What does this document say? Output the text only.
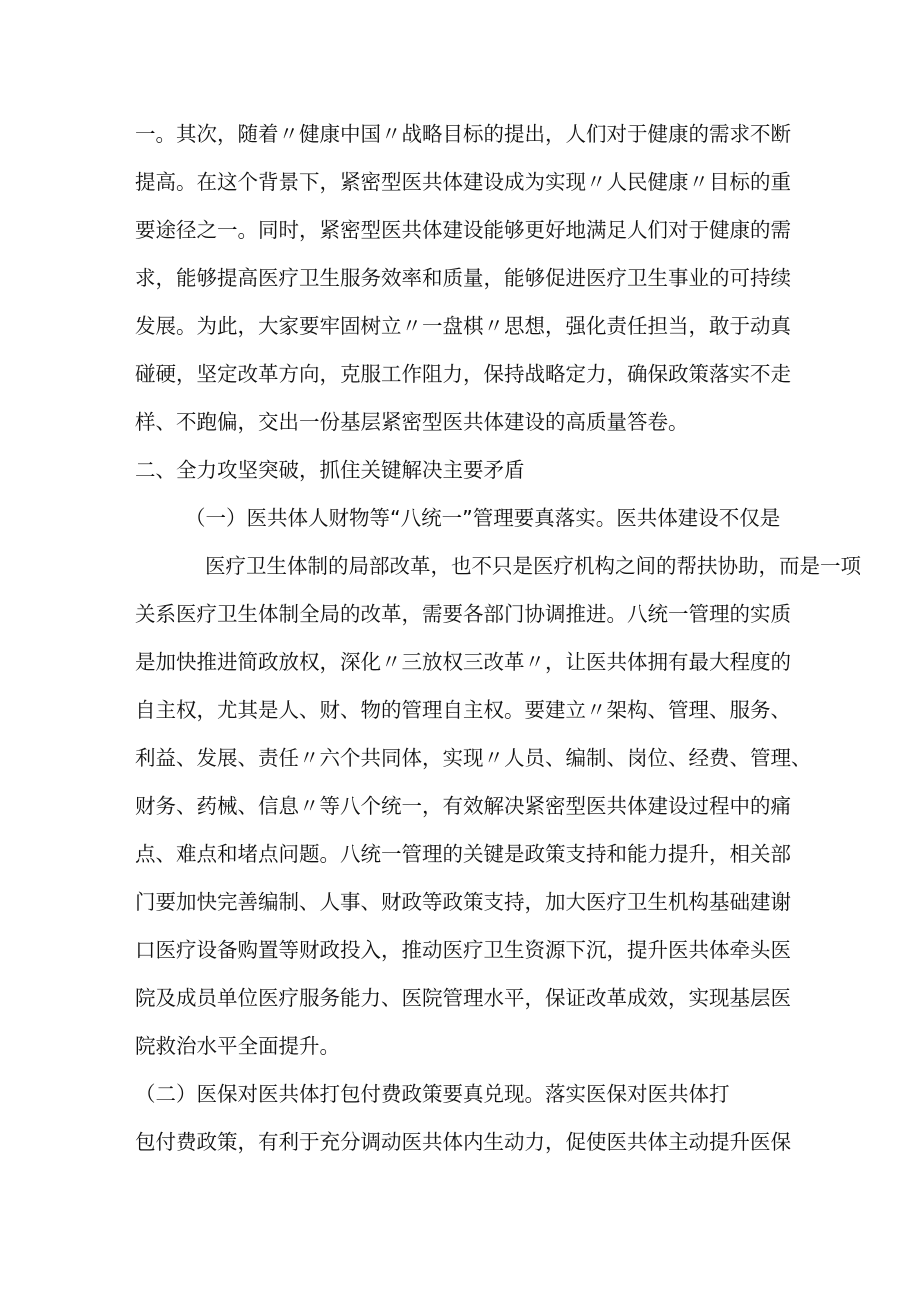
一。其次，随着〃健康中国〃战略目标的提出，人们对于健康的需求不断
提高。在这个背景下，紧密型医共体建设成为实现〃人民健康〃目标的重
要途径之一。同时，紧密型医共体建设能够更好地满足人们对于健康的需
求，能够提高医疗卫生服务效率和质量，能够促进医疗卫生事业的可持续
发展。为此，大家要牢固树立〃一盘棋〃思想，强化责任担当，敢于动真
碰硬，坚定改革方向，克服工作阻力，保持战略定力，确保政策落实不走
样、不跑偏，交出一份基层紧密型医共体建设的高质量答卷。
二、全力攻坚突破，抓住关键解决主要矛盾
（一）医共体人财物等“八统一”管理要真落实。医共体建设不仅是
医疗卫生体制的局部改革，也不只是医疗机构之间的帮扶协助，而是一项
关系医疗卫生体制全局的改革，需要各部门协调推进。八统一管理的实质
是加快推进简政放权，深化〃三放权三改革〃，让医共体拥有最大程度的
自主权，尤其是人、财、物的管理自主权。要建立〃架构、管理、服务、
利益、发展、责任〃六个共同体，实现〃人员、编制、岗位、经费、管理、
财务、药械、信息〃等八个统一，有效解决紧密型医共体建设过程中的痛
点、难点和堵点问题。八统一管理的关键是政策支持和能力提升，相关部
门要加快完善编制、人事、财政等政策支持，加大医疗卫生机构基础建谢
口医疗设备购置等财政投入，推动医疗卫生资源下沉，提升医共体牵头医
院及成员单位医疗服务能力、医院管理水平，保证改革成效，实现基层医
院救治水平全面提升。
（二）医保对医共体打包付费政策要真兑现。落实医保对医共体打
包付费政策，有利于充分调动医共体内生动力，促使医共体主动提升医保
